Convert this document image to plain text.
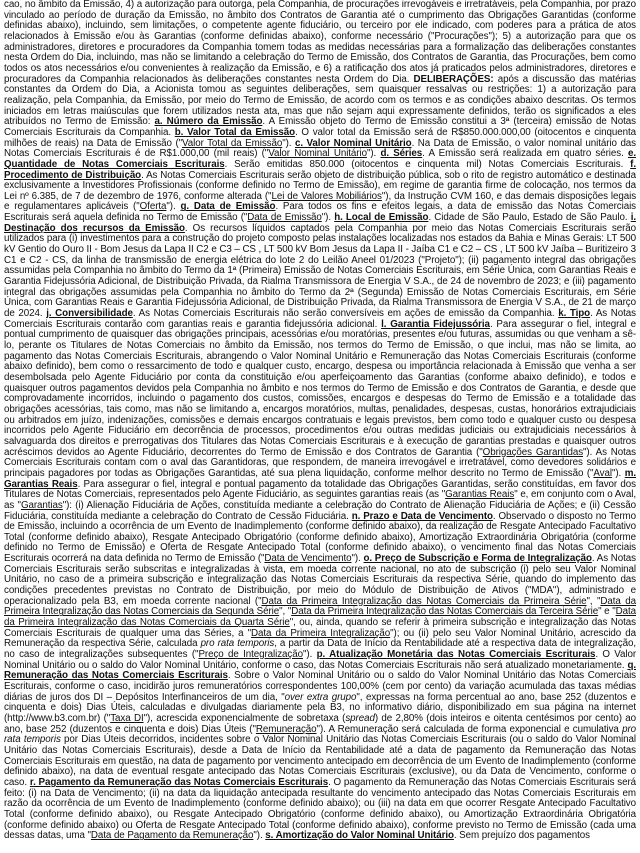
cao, no âmbito da Emissão, 4) a autorização para outorga, pela Companhia, de procurações irrevogáveis e irretratáveis, pela Companhia, por prazo vinculado ao período de duração da Emissão, no âmbito dos Contratos de Garantia até o cumprimento das Obrigações Garantidas (conforme definidas abaixo), incluindo, sem limitações, o competente agente fiduciário, ou terceiro por ele indicado, com poderes para a prática de atos relacionados à Emissão e/ou às Garantias (conforme definidas abaixo), conforme necessário ("Procurações"); 5) a autorização para que os administradores, diretores e procuradores da Companhia tomem todas as medidas necessárias para a formalização das deliberações constantes nesta Ordem do Dia, incluindo, mas não se limitando a celebração do Termo de Emissão, dos Contratos de Garantia, das Procurações, bem como todos os atos necessários e/ou convenientes à realização da Emissão, e 6) a ratificação dos atos já praticados pelos administradores, diretores e procuradores da Companhia relacionados às deliberações constantes nesta Ordem do Dia. DELIBERAÇÕES: após a discussão das matérias constantes da Ordem do Dia, a Acionista tomou as seguintes deliberações, sem quaisquer ressalvas ou restrições: 1) a autorização para realização, pela Companhia, da Emissão, por meio do Termo de Emissão, de acordo com os termos e as condições abaixo descritas. Os termos iniciados em letras maiúsculas que forem utilizados nesta ata, mas que não sejam aqui expressamente definidos, terão os significados a eles atribuídos no Termo de Emissão: a. Número da Emissão. A Emissão objeto do Termo de Emissão constitui a 3ª (terceira) emissão de Notas Comerciais Escriturais da Companhia. b. Valor Total da Emissão. O valor total da Emissão será de R$850.000.000,00 (oitocentos e cinquenta milhões de reais) na Data de Emissão ("Valor Total da Emissão"). c. Valor Nominal Unitário. Na Data de Emissão, o valor nominal unitário das Notas Comerciais Escriturais é de R$1.000,00 (mil reais) ("Valor Nominal Unitário"). d. Séries. A Emissão será realizada em quatro séries. e. Quantidade de Notas Comerciais Escriturais. Serão emitidas 850.000 (oitocentos e cinquenta mil) Notas Comerciais Escriturais. f. Procedimento de Distribuição. As Notas Comerciais Escriturais serão objeto de distribuição pública, sob o rito de registro automático e destinada exclusivamente a Investidores Profissionais (conforme definido no Termo de Emissão), em regime de garantia firme de colocação, nos termos da Lei nº 6.385, de 7 de dezembro de 1976, conforme alterada ("Lei de Valores Mobiliários"), da Instrução CVM 160, e das demais disposições legais e regulamentares aplicáveis ("Oferta"). g. Data de Emissão. Para todos os fins e efeitos legais, a data de emissão das Notas Comerciais Escriturais será aquela definida no Termo de Emissão ("Data de Emissão"). h. Local de Emissão. Cidade de São Paulo, Estado de São Paulo. i. Destinação dos recursos da Emissão. Os recursos líquidos captados pela Companhia por meio das Notas Comerciais Escriturais serão utilizados para (i) investimentos para a construção do projeto composto pelas instalações localizadas nos estados da Bahia e Minas Gerais: LT 500 kV Gentio do Ouro II - Bom Jesus da Lapa II C2 e C3 – CS , LT 500 kV Bom Jesus da Lapa II - Jaíba C1 e C2 – CS , LT 500 kV Jaíba – Buritizeiro 3 C1 e C2 - CS, da linha de transmissão de energia elétrica do lote 2 do Leilão Aneel 01/2023 ("Projeto"); (ii) pagamento integral das obrigações assumidas pela Companhia no âmbito do Termo da 1ª (Primeira) Emissão de Notas Comerciais Escriturais, em Série Única, com Garantias Reais e Garantia Fidejussória Adicional, de Distribuição Privada, da Rialma Transmissora de Energia V S.A., de 24 de novembro de 2023; e (iii) pagamento integral das obrigações assumidas pela Companhia no âmbito do Termo da 2ª (Segunda) Emissão de Notas Comerciais Escriturais, em Série Única, com Garantias Reais e Garantia Fidejussória Adicional, de Distribuição Privada, da Rialma Transmissora de Energia V S.A., de 21 de março de 2024. j. Conversibilidade. As Notas Comerciais Escriturais não serão conversíveis em ações de emissão da Companhia. k. Tipo. As Notas Comerciais Escriturais contarão com garantias reais e garantia fidejussória adicional. l. Garantia Fidejussória. Para assegurar o fiel, integral e pontual cumprimento de quaisquer das obrigações principais, acessórias e/ou moratórias, presentes e/ou futuras, assumidas ou que venham a sê-lo, perante os Titulares de Notas Comerciais no âmbito da Emissão, nos termos do Termo de Emissão, o que inclui, mas não se limita, ao pagamento das Notas Comerciais Escriturais, abrangendo o Valor Nominal Unitário e Remuneração das Notas Comerciais Escriturais (conforme abaixo definido), bem como o ressarcimento de todo e qualquer custo, encargo, despesa ou importância relacionada à Emissão que venha a ser desembolsada pelo Agente Fiduciário por conta da constituição e/ou aperfeiçoamento das Garantias (conforme abaixo definido), e todos e quaisquer outros pagamentos devidos pela Companhia no âmbito e nos termos do Termo de Emissão e dos Contratos de Garantia, e desde que comprovadamente incorridos, incluindo o pagamento dos custos, comissões, encargos e despesas do Termo de Emissão e a totalidade das obrigações acessórias, tais como, mas não se limitando a, encargos moratórios, multas, penalidades, despesas, custas, honorários extrajudiciais ou arbitrados em juízo, indenizações, comissões e demais encargos contratuais e legais previstos, bem como todo e qualquer custo ou despesa incorridos pelo Agente Fiduciário em decorrência de processos, procedimentos e/ou outras medidas judiciais ou extrajudiciais necessários à salvaguarda dos direitos e prerrogativas dos Titulares das Notas Comerciais Escriturais e à execução de garantias prestadas e quaisquer outros acréscimos devidos ao Agente Fiduciário, decorrentes do Termo de Emissão e dos Contratos de Garantia ("Obrigações Garantidas"). As Notas Comerciais Escriturais contam com o aval das Garantidoras, que respondem, de maneira irrevogável e irretratável, como devedores solidários e principais pagadores por todas as Obrigações Garantidas, até sua plena liquidação, conforme melhor descrito no Termo de Emissão ("Aval"). m. Garantias Reais. Para assegurar o fiel, integral e pontual pagamento da totalidade das Obrigações Garantidas, serão constituídas, em favor dos Titulares de Notas Comerciais, representados pelo Agente Fiduciário, as seguintes garantias reais (as "Garantias Reais" e, em conjunto com o Aval, as "Garantias"): (i) Alienação Fiduciária de Ações, constituída mediante a celebração do Contrato de Alienação Fiduciária de Ações; e (ii) Cessão Fiduciária, constituída mediante a celebração do Contrato de Cessão Fiduciária. n. Prazo e Data de Vencimento. Observado o disposto no Termo de Emissão, incluindo a ocorrência de um Evento de Inadimplemento (conforme definido abaixo), da realização de Resgate Antecipado Facultativo Total (conforme definido abaixo), Resgate Antecipado Obrigatório (conforme definido abaixo), Amortização Extraordinária Obrigatória (conforme definido no Termo de Emissão) e Oferta de Resgate Antecipado Total (conforme definido abaixo), o vencimento final das Notas Comerciais Escriturais ocorrerá na data definida no Termo de Emissão ("Data de Vencimento"). o. Preço de Subscrição e Forma de Integralização. As Notas Comerciais Escriturais serão subscritas e integralizadas à vista, em moeda corrente nacional, no ato de subscrição (i) pelo seu Valor Nominal Unitário, no caso de a primeira subscrição e integralização das Notas Comerciais Escriturais da respectiva Série, quando do implemento das condições precedentes previstas no Contrato de Distribuição, por meio do Módulo de Distribuição de Ativos ("MDA"), administrado e operacionalizado pela B3, em moeda corrente nacional ("Data da Primeira Integralização das Notas Comerciais da Primeira Série", "Data da Primeira Integralização das Notas Comerciais da Segunda Série", "Data da Primeira Integralização das Notas Comerciais da Terceira Série" e "Data da Primeira Integralização das Notas Comerciais da Quarta Série", ou, ainda, quando se referir à primeira subscrição e integralização das Notas Comerciais Escriturais de qualquer uma das Séries, a "Data da Primeira Integralização"); ou (ii) pelo seu Valor Nominal Unitário, acrescido da Remuneração da respectiva Série, calculada pro rata temporis, a partir da Data de Início da Rentabilidade até a respectiva data de integralização, no caso de integralizações subsequentes ("Preço de Integralização"). p. Atualização Monetária das Notas Comerciais Escriturais. O Valor Nominal Unitário ou o saldo do Valor Nominal Unitário, conforme o caso, das Notas Comerciais Escriturais não será atualizado monetariamente. q. Remuneração das Notas Comerciais Escriturais. Sobre o Valor Nominal Unitário ou o saldo do Valor Nominal Unitário das Notas Comerciais Escriturais, conforme o caso, incidirão juros remuneratórios correspondentes 100,00% (cem por cento) da variação acumulada das taxas médias diárias de juros dos DI – Depósitos Interfinanceiros de um dia, "over extra grupo", expressas na forma percentual ao ano, base 252 (duzentos e cinquenta e dois) Dias Úteis, calculadas e divulgadas diariamente pela B3, no informativo diário, disponibilizado em sua página na internet (http://www.b3.com.br) ("Taxa DI"), acrescida exponencialmente de sobretaxa (spread) de 2,80% (dois inteiros e oitenta centésimos por cento) ao ano, base 252 (duzentos e cinquenta e dois) Dias Úteis ("Remuneração"). A Remuneração será calculada de forma exponencial e cumulativa pro rata temporis por Dias Úteis decorridos, incidentes sobre o Valor Nominal Unitário das Notas Comerciais Escriturais (ou o saldo do Valor Nominal Unitário das Notas Comerciais Escriturais), desde a Data de Início da Rentabilidade até a data de pagamento da Remuneração das Notas Comerciais Escriturais em questão, na data de pagamento por vencimento antecipado em decorrência de um Evento de Inadimplemento (conforme definido abaixo), na data de eventual resgate antecipado das Notas Comerciais Escriturais (exclusive), ou da Data de Vencimento, conforme o caso. r. Pagamento da Remuneração das Notas Comerciais Escriturais. O pagamento da Remuneração das Notas Comerciais Escriturais será feito: (i) na Data de Vencimento; (ii) na data da liquidação antecipada resultante do vencimento antecipado das Notas Comerciais Escriturais em razão da ocorrência de um Evento de Inadimplemento (conforme definido abaixo); ou (iii) na data em que ocorrer Resgate Antecipado Facultativo Total (conforme definido abaixo), ou Resgate Antecipado Obrigatório (conforme definido abaixo), ou Amortização Extraordinária Obrigatória (conforme definido abaixo) ou Oferta de Resgate Antecipado Total (conforme definido abaixo), conforme previsto no Termo de Emissão (cada uma dessas datas, uma "Data de Pagamento da Remuneração"). s. Amortização do Valor Nominal Unitário. Sem prejuízo dos pagamentos
